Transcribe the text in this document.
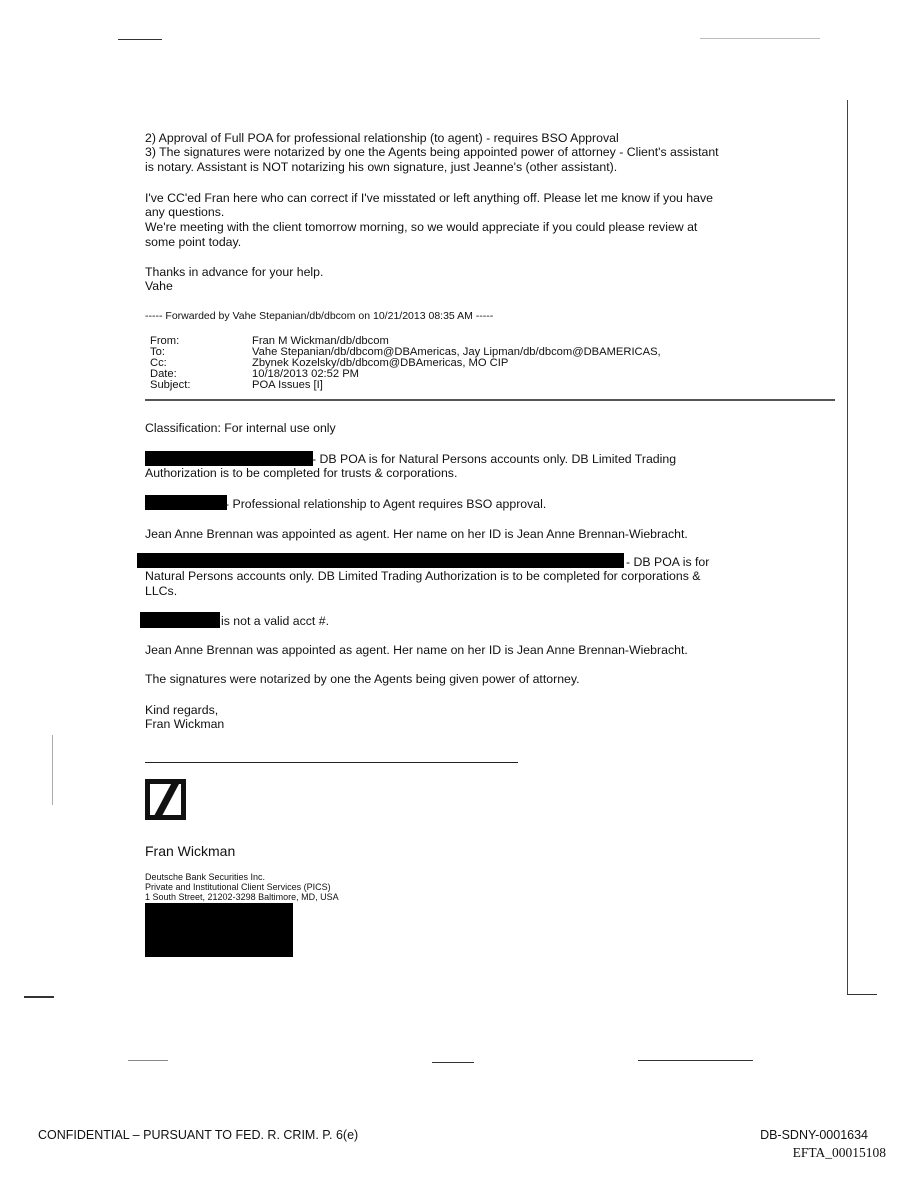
2) Approval of Full POA for professional relationship (to agent) - requires BSO Approval
3) The signatures were notarized by one the Agents being appointed power of attorney - Client's assistant
is notary. Assistant is NOT notarizing his own signature, just Jeanne's (other assistant).
I've CC'ed Fran here who can correct if I've misstated or left anything off. Please let me know if you have
any questions.
We're meeting with the client tomorrow morning, so we would appreciate if you could please review at
some point today.
Thanks in advance for your help.
Vahe
----- Forwarded by Vahe Stepanian/db/dbcom on 10/21/2013 08:35 AM -----
From:	Fran M Wickman/db/dbcom
To:	Vahe Stepanian/db/dbcom@DBAmericas, Jay Lipman/db/dbcom@DBAMERICAS,
Cc:	Zbynek Kozelsky/db/dbcom@DBAmericas, MO CIP
Date:	10/18/2013 02:52 PM
Subject:	POA Issues [I]
Classification: For internal use only
- DB POA is for Natural Persons accounts only. DB Limited Trading
Authorization is to be completed for trusts & corporations.
- Professional relationship to Agent requires BSO approval.
Jean Anne Brennan was appointed as agent. Her name on her ID is Jean Anne Brennan-Wiebracht.
- DB POA is for
Natural Persons accounts only. DB Limited Trading Authorization is to be completed for corporations &
LLCs.
is not a valid acct #.
Jean Anne Brennan was appointed as agent. Her name on her ID is Jean Anne Brennan-Wiebracht.
The signatures were notarized by one the Agents being given power of attorney.
Kind regards,
Fran Wickman
Fran Wickman
Deutsche Bank Securities Inc.
Private and Institutional Client Services (PICS)
1 South Street, 21202-3298 Baltimore, MD, USA
CONFIDENTIAL – PURSUANT TO FED. R. CRIM. P. 6(e)	DB-SDNY-0001634
EFTA_00015108
